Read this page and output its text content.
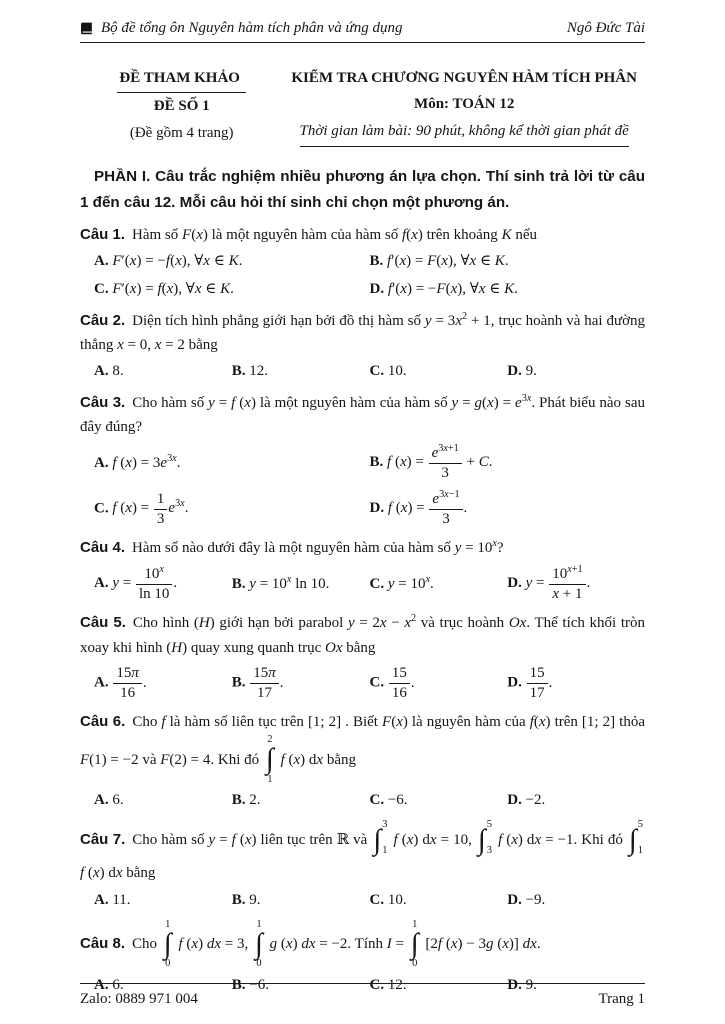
Bộ đề tổng ôn Nguyên hàm tích phân và ứng dụng	Ngô Đức Tài
ĐỀ THAM KHẢO
ĐỀ SỐ 1
(Đề gồm 4 trang)
KIỂM TRA CHƯƠNG NGUYÊN HÀM TÍCH PHÂN
Môn: TOÁN 12
Thời gian làm bài: 90 phút, không kể thời gian phát đề

PHẦN I. Câu trắc nghiệm nhiều phương án lựa chọn. Thí sinh trả lời từ câu 1 đến câu 12. Mỗi câu hỏi thí sinh chỉ chọn một phương án.

Câu 1. Hàm số F(x) là một nguyên hàm của hàm số f(x) trên khoảng K nếu

A. F′(x) = −f(x), ∀x ∈ K.	B. f′(x) = F(x), ∀x ∈ K.
C. F′(x) = f(x), ∀x ∈ K.	D. f′(x) = −F(x), ∀x ∈ K.

Câu 2. Diện tích hình phẳng giới hạn bởi đồ thị hàm số $y = 3x^2 + 1$, trục hoành và hai đường thẳng x = 0, x = 2 bằng

A. 8.	B. 12.	C. 10.	D. 9.

Câu 3. Cho hàm số y = f (x) là một nguyên hàm của hàm số $y = g(x) = e^{3x}$. Phát biểu nào sau đây đúng?

A. f $(x) = 3e^{3x}$.	B. f $(x) = \frac{e^{3x+1}}{3} + C$.
C. f $(x) = \frac{1}{3} e^{3x}$.	D. f $(x) = \frac{e^{3x-1}}{3}$ .

Câu 4. Hàm số nào dưới đây là một nguyên hàm của hàm số $y = 10^x$?

A. $y = \frac{10^x}{\ln 10}$ .	B. $y = 10^x$ ln 10.	C. $y = 10^x$.	D. $y = \frac{10^{x+1}}{x + 1}$ .

Câu 5. Cho hình (H) giới hạn bởi parabol $y = 2x - x^2$ và trục hoành Ox. Thể tích khối tròn xoay khi hình (H) quay xung quanh trục Ox bằng

A. $\frac{15\pi}{16}$ .	B. $\frac{15\pi}{17}$ .	C. $\frac{15}{16}$ .	D. $\frac{15}{17}$ .

Câu 6. Cho f là hàm số liên tục trên [1; 2] . Biết F(x) là nguyên hàm của f(x) trên [1; 2] thỏa F(1) = −2 và F(2) = 4. Khi đó
2
∫
1
f (x) dx bằng

A. 6.	B. 2.	C. −6.	D. −2.

Câu 7. Cho hàm số y = f (x) liên tục trên ℝ và ∫ 3
1
f (x) dx = 10, ∫ 5
3
f (x) dx = −1. Khi đó ∫ 5
1
f (x) dx bằng

A. 11.	B. 9.	C. 10.	D. −9.

Câu 8. Cho
1
∫
0
f (x) dx = 3,
1
∫
0
g (x) dx = −2. Tính I =
1
∫
0
[2f (x) − 3g (x)] dx.

A. 6.	B. −6.	C. 12.	D. 9.
Zalo: 0889 971 004	Trang 1
